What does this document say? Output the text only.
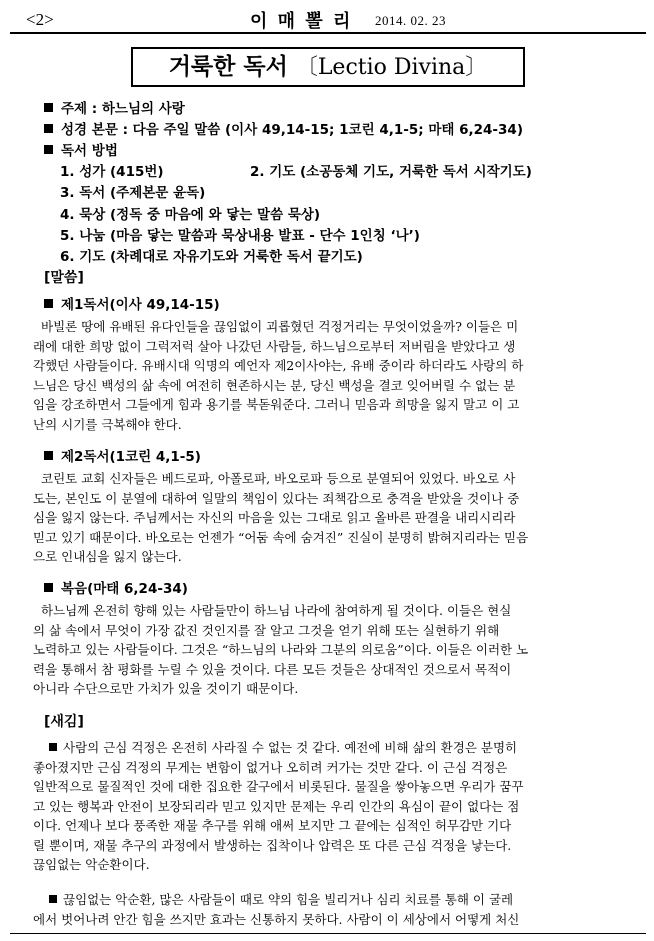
<2>	이 매 뽈 리 2014. 02. 23
거룩한 독서 〔Lectio Divina〕
주제 : 하느님의 사랑
성경 본문 : 다음 주일 말씀 (이사 49,14-15; 1코린 4,1-5; 마태 6,24-34)
독서 방법
1. 성가 (415번)	2. 기도 (소공동체 기도, 거룩한 독서 시작기도)
3. 독서 (주제본문 윤독)
4. 묵상 (정독 중 마음에 와 닿는 말씀 묵상)
5. 나눔 (마음 닿는 말씀과 묵상내용 발표 - 단수 1인칭 ‘나’)
6. 기도 (차례대로 자유기도와 거룩한 독서 끝기도)
[말씀]
제1독서(이사 49,14-15)
바빌론 땅에 유배된 유다인들을 끊임없이 괴롭혔던 걱정거리는 무엇이었을까? 이들은 미
래에 대한 희망 없이 그럭저럭 살아 나갔던 사람들, 하느님으로부터 저버림을 받았다고 생
각했던 사람들이다. 유배시대 익명의 예언자 제2이사야는, 유배 중이라 하더라도 사랑의 하
느님은 당신 백성의 삶 속에 여전히 현존하시는 분, 당신 백성을 결코 잊어버릴 수 없는 분
임을 강조하면서 그들에게 힘과 용기를 북돋워준다. 그러니 믿음과 희망을 잃지 말고 이 고
난의 시기를 극복해야 한다.
제2독서(1코린 4,1-5)
코린토 교회 신자들은 베드로파, 아폴로파, 바오로파 등으로 분열되어 있었다. 바오로 사
도는, 본인도 이 분열에 대하여 일말의 책임이 있다는 죄책감으로 충격을 받았을 것이나 중
심을 잃지 않는다. 주님께서는 자신의 마음을 있는 그대로 읽고 올바른 판결을 내리시리라
믿고 있기 때문이다. 바오로는 언젠가 “어둠 속에 숨겨진” 진실이 분명히 밝혀지리라는 믿음
으로 인내심을 잃지 않는다.
복음(마태 6,24-34)
하느님께 온전히 향해 있는 사람들만이 하느님 나라에 참여하게 될 것이다. 이들은 현실
의 삶 속에서 무엇이 가장 값진 것인지를 잘 알고 그것을 얻기 위해 또는 실현하기 위해
노력하고 있는 사람들이다. 그것은 “하느님의 나라와 그분의 의로움”이다. 이들은 이러한 노
력을 통해서 참 평화를 누릴 수 있을 것이다. 다른 모든 것들은 상대적인 것으로서 목적이
아니라 수단으로만 가치가 있을 것이기 때문이다.
[새김]
사람의 근심 걱정은 온전히 사라질 수 없는 것 같다. 예전에 비해 삶의 환경은 분명히
좋아졌지만 근심 걱정의 무게는 변함이 없거나 오히려 커가는 것만 같다. 이 근심 걱정은
일반적으로 물질적인 것에 대한 집요한 갈구에서 비롯된다. 물질을 쌓아놓으면 우리가 꿈꾸
고 있는 행복과 안전이 보장되리라 믿고 있지만 문제는 우리 인간의 욕심이 끝이 없다는 점
이다. 언제나 보다 풍족한 재물 추구를 위해 애써 보지만 그 끝에는 심적인 허무감만 기다
릴 뿐이며, 재물 추구의 과정에서 발생하는 집착이나 압력은 또 다른 근심 걱정을 낳는다.
끊임없는 악순환이다.
끊임없는 악순환, 많은 사람들이 때로 약의 힘을 빌리거나 심리 치료를 통해 이 굴레
에서 벗어나려 안간 힘을 쓰지만 효과는 신통하지 못하다. 사람이 이 세상에서 어떻게 처신
